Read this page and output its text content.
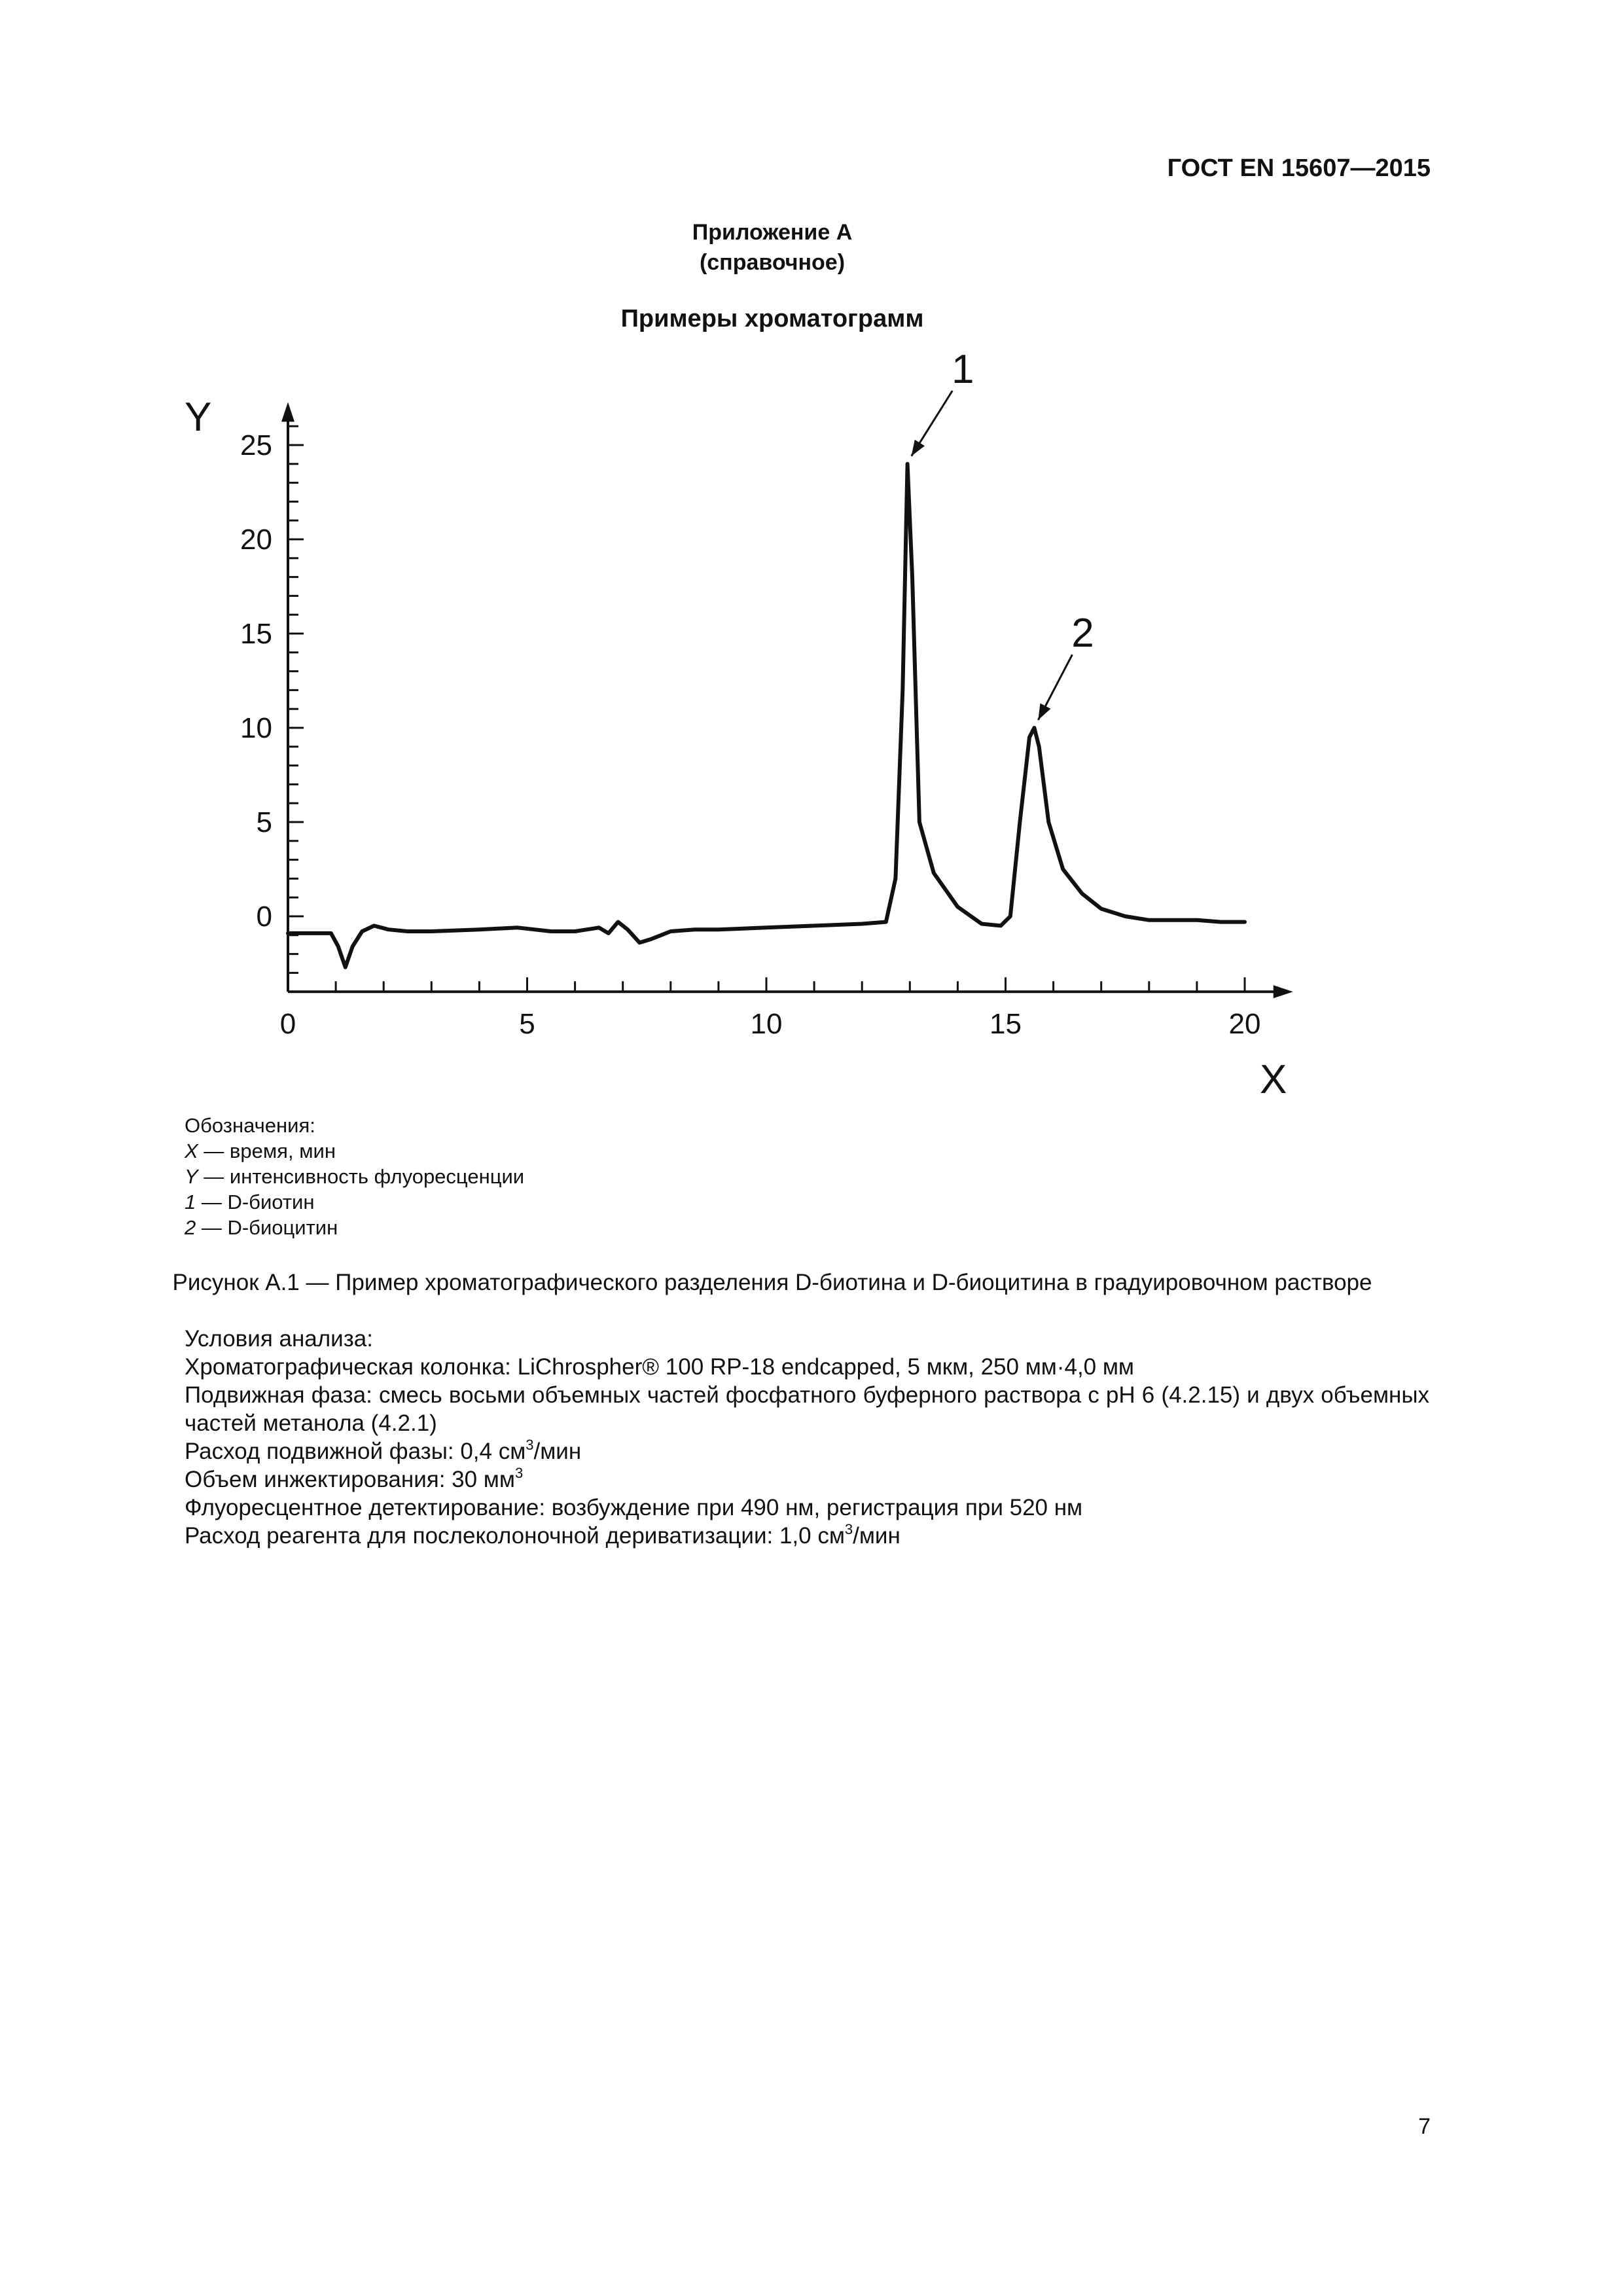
ГОСТ EN 15607—2015
Приложение А
(справочное)
Примеры хроматограмм
0
5
10
15
20
25
0	5	10	15	20
1
2
X
Y
Обозначения:
X — время, мин
Y — интенсивность флуоресценции
1 — D-биотин
2 — D-биоцитин
Рисунок А.1 — Пример хроматографического разделения D-биотина и D-биоцитина в градуировочном растворе
Условия анализа:
Хроматографическая колонка: LiChrospher® 100 RP-18 endcapped, 5 мкм, 250 мм·4,0 мм
Подвижная фаза: смесь восьми объемных частей фосфатного буферного раствора с pH 6 (4.2.15) и двух объемных частей метанола (4.2.1)
Расход подвижной фазы: 0,4 $см^3$/мин
Объем инжектирования: 30 $мм^3$
Флуоресцентное детектирование: возбуждение при 490 нм, регистрация при 520 нм
Расход реагента для послеколоночной дериватизации: 1,0 $см^3$/мин
7
